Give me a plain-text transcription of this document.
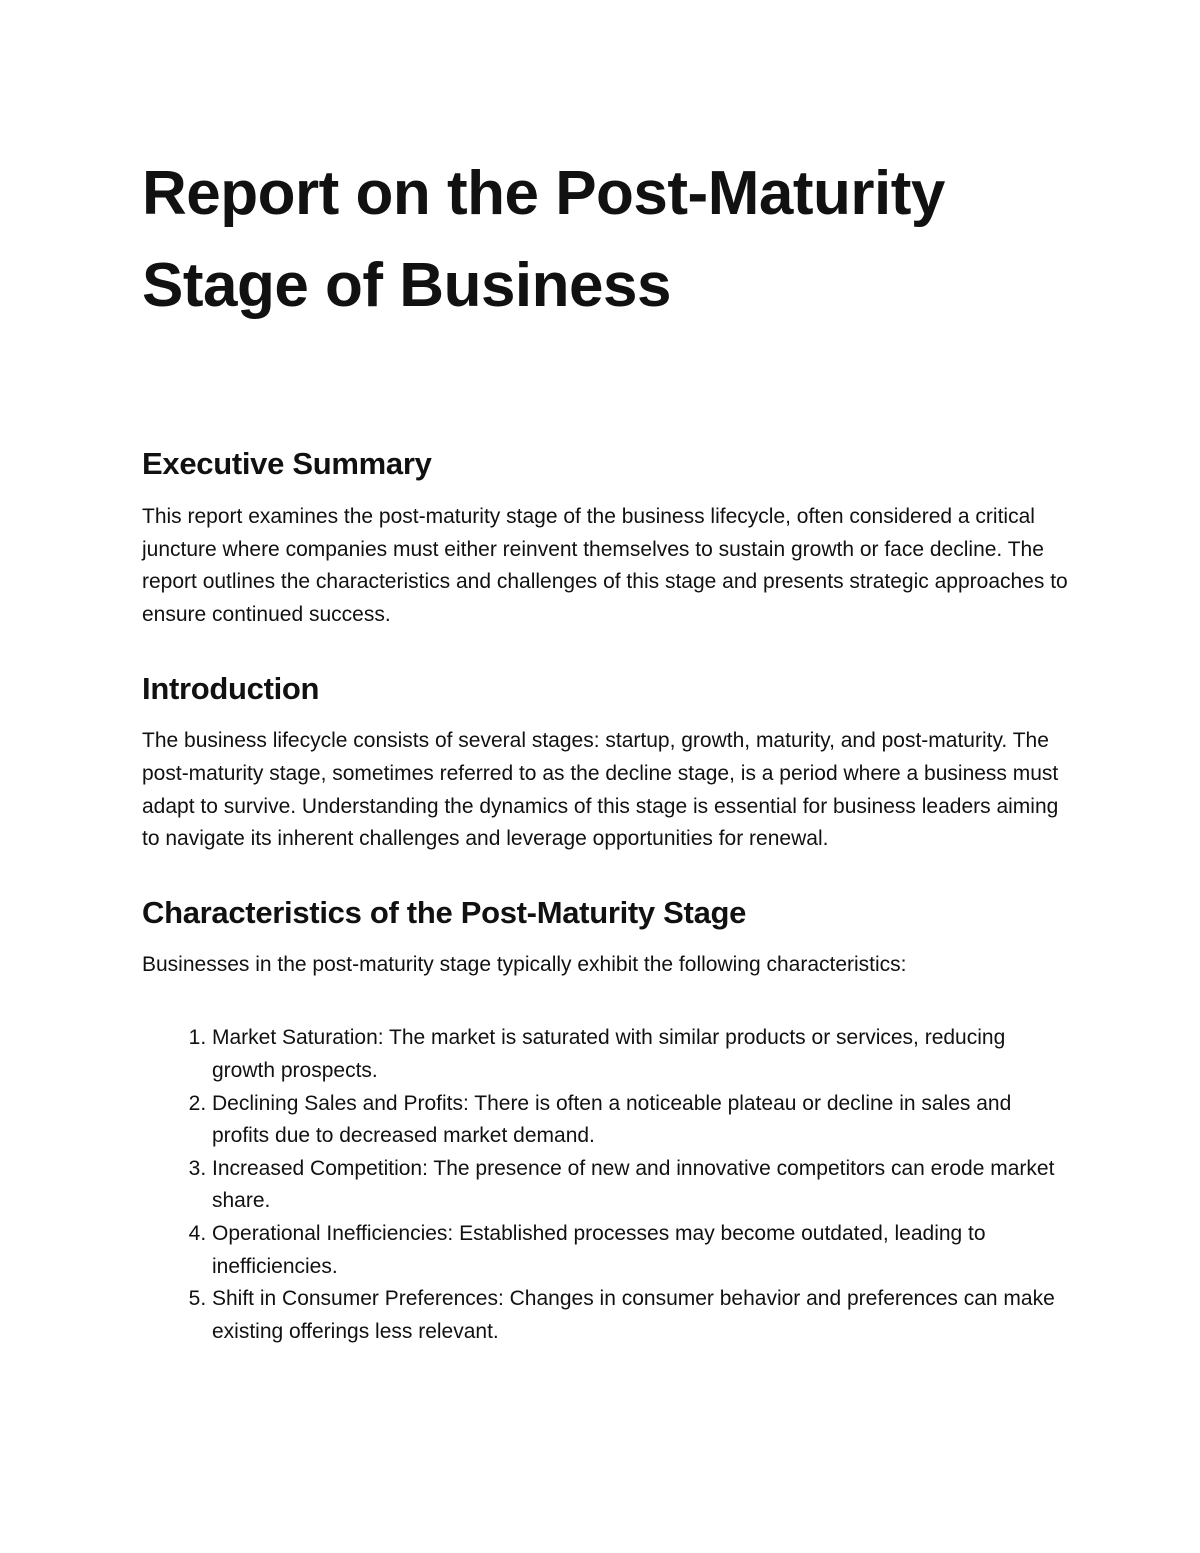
Report on the Post-Maturity Stage of Business
Executive Summary

This report examines the post-maturity stage of the business lifecycle, often considered a critical juncture where companies must either reinvent themselves to sustain growth or face decline. The report outlines the characteristics and challenges of this stage and presents strategic approaches to ensure continued success.

Introduction

The business lifecycle consists of several stages: startup, growth, maturity, and post-maturity. The post-maturity stage, sometimes referred to as the decline stage, is a period where a business must adapt to survive. Understanding the dynamics of this stage is essential for business leaders aiming to navigate its inherent challenges and leverage opportunities for renewal.

Characteristics of the Post-Maturity Stage

Businesses in the post-maturity stage typically exhibit the following characteristics:

1. Market Saturation: The market is saturated with similar products or services, reducing growth prospects.
2. Declining Sales and Profits: There is often a noticeable plateau or decline in sales and profits due to decreased market demand.
3. Increased Competition: The presence of new and innovative competitors can erode market share.
4. Operational Inefficiencies: Established processes may become outdated, leading to inefficiencies.
5. Shift in Consumer Preferences: Changes in consumer behavior and preferences can make existing offerings less relevant.
